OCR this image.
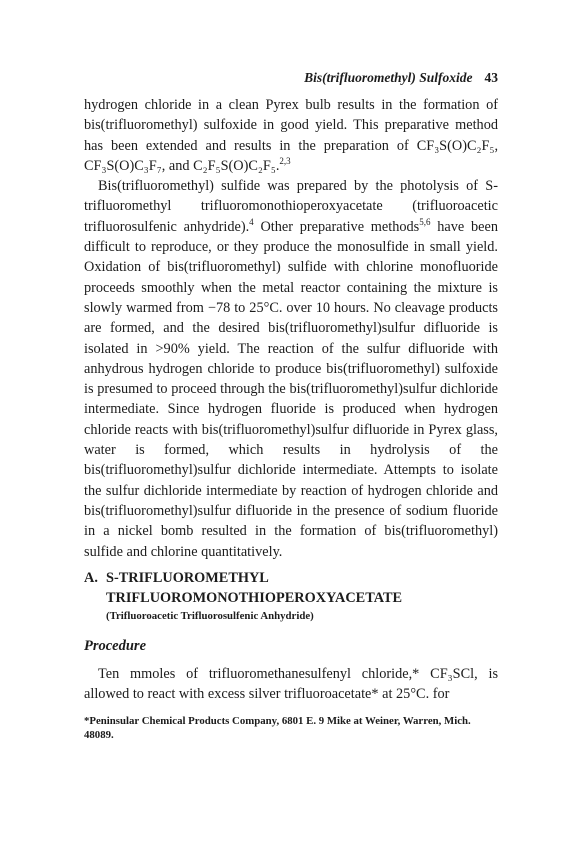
Bis(trifluoromethyl) Sulfoxide 43

hydrogen chloride in a clean Pyrex bulb results in the formation of bis(trifluoromethyl) sulfoxide in good yield. This preparative method has been extended and results in the preparation of CF₃S(O)C₂F₅, CF₃S(O)C₃F₇, and C₂F₅S(O)C₂F₅.$^{2,3}$

Bis(trifluoromethyl) sulfide was prepared by the photolysis of S-trifluoromethyl trifluoromonothioperoxyacetate (trifluoroacetic trifluorosulfenic anhydride).$^4$ Other preparative methods$^{5,6}$ have been difficult to reproduce, or they produce the monosulfide in small yield. Oxidation of bis(trifluoromethyl) sulfide with chlorine monofluoride proceeds smoothly when the metal reactor containing the mixture is slowly warmed from −78 to 25°C. over 10 hours. No cleavage products are formed, and the desired bis(trifluoromethyl)sulfur difluoride is isolated in >90% yield. The reaction of the sulfur difluoride with anhydrous hydrogen chloride to produce bis(trifluoromethyl) sulfoxide is presumed to proceed through the bis(trifluoromethyl)sulfur dichloride intermediate. Since hydrogen fluoride is produced when hydrogen chloride reacts with bis(trifluoromethyl)sulfur difluoride in Pyrex glass, water is formed, which results in hydrolysis of the bis(trifluoromethyl)sulfur dichloride intermediate. Attempts to isolate the sulfur dichloride intermediate by reaction of hydrogen chloride and bis(trifluoromethyl)sulfur difluoride in the presence of sodium fluoride in a nickel bomb resulted in the formation of bis(trifluoromethyl) sulfide and chlorine quantitatively.

A. S-TRIFLUOROMETHYL
TRIFLUOROMONOTHIOPEROXYACETATE
(Trifluoroacetic Trifluorosulfenic Anhydride)
Procedure
Ten mmoles of trifluoromethanesulfenyl chloride,* CF₃SCl, is allowed to react with excess silver trifluoroacetate* at 25°C. for
*Peninsular Chemical Products Company, 6801 E. 9 Mike at Weiner, Warren, Mich. 48089.
